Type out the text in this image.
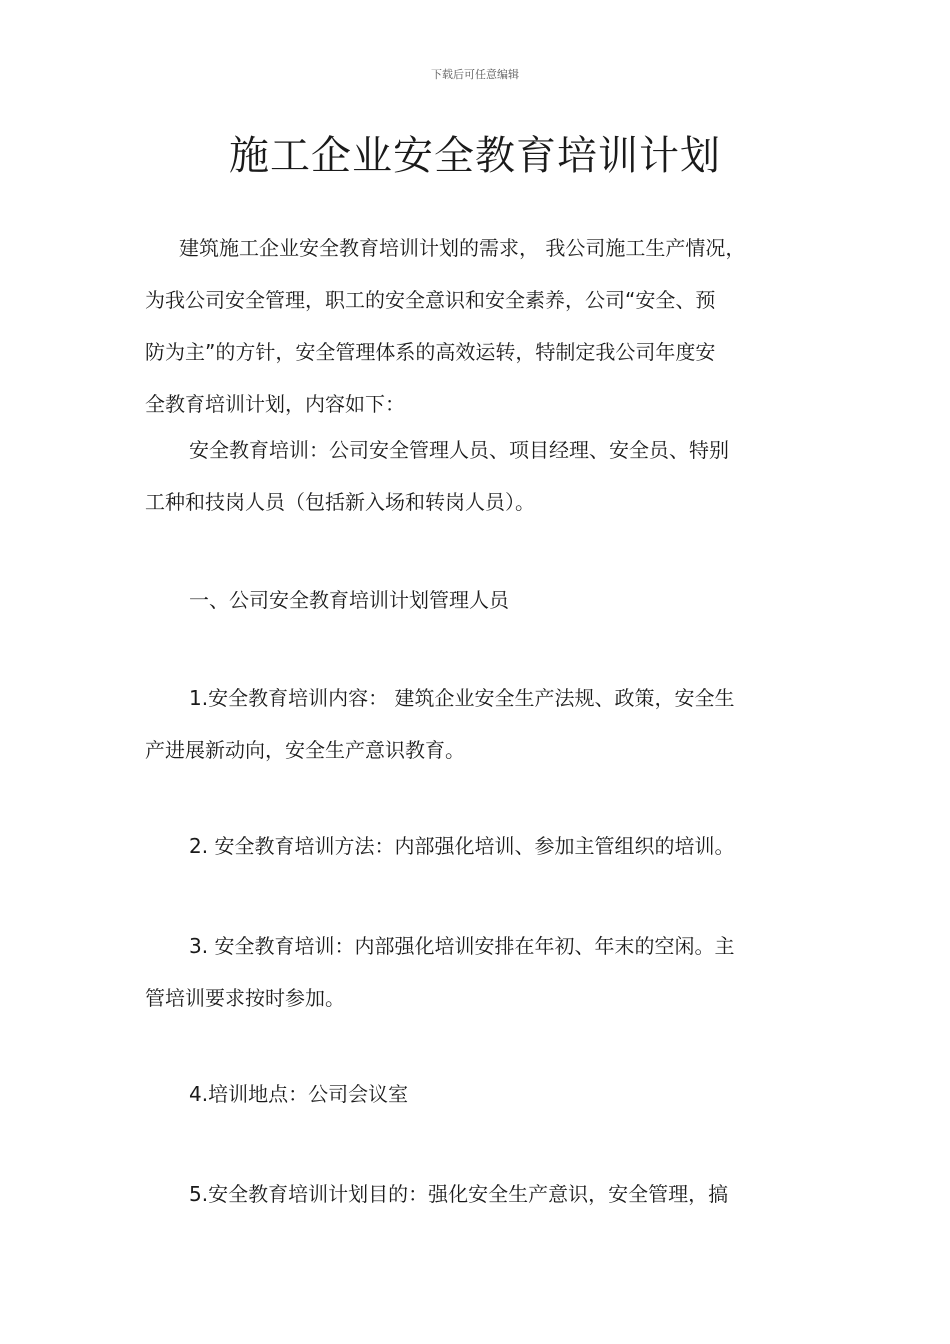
下载后可任意编辑
施工企业安全教育培训计划
建筑施工企业安全教育培训计划的需求， 我公司施工生产情况，
为我公司安全管理，职工的安全意识和安全素养，公司“安全、预
防为主”的方针，安全管理体系的高效运转，特制定我公司年度安
全教育培训计划，内容如下：
安全教育培训：公司安全管理人员、项目经理、安全员、特别
工种和技岗人员（包括新入场和转岗人员）。
一、公司安全教育培训计划管理人员
1.安全教育培训内容： 建筑企业安全生产法规、政策，安全生
产进展新动向，安全生产意识教育。
2. 安全教育培训方法：内部强化培训、参加主管组织的培训。
3. 安全教育培训：内部强化培训安排在年初、年末的空闲。主
管培训要求按时参加。
4.培训地点：公司会议室
5.安全教育培训计划目的：强化安全生产意识，安全管理，搞
